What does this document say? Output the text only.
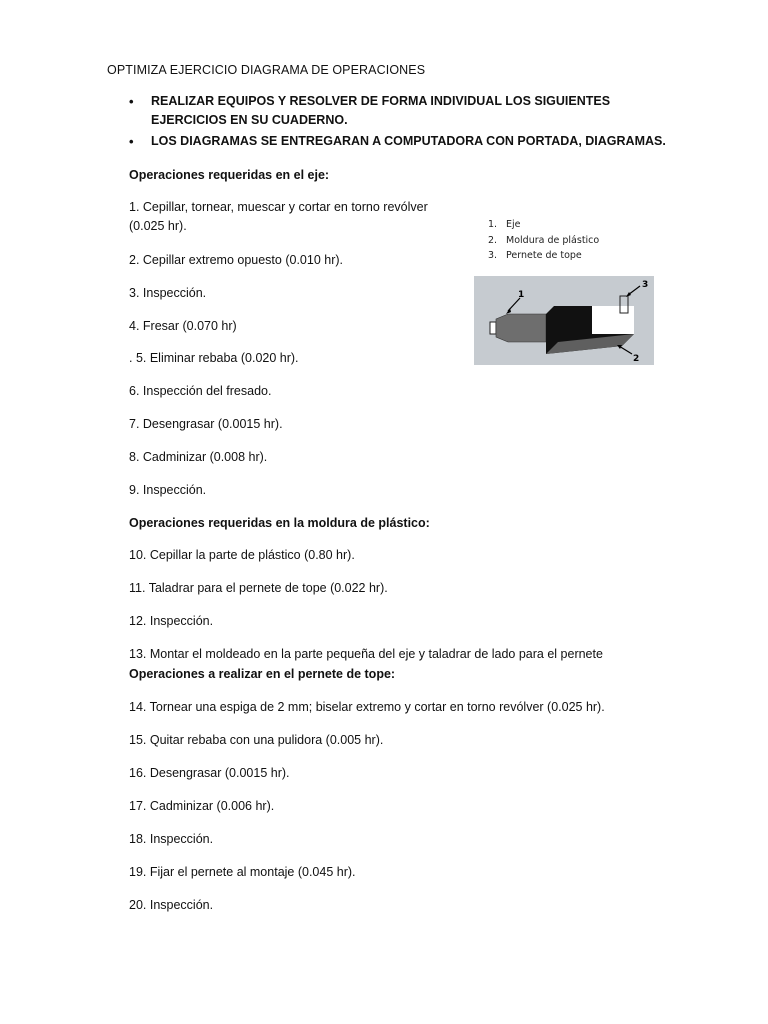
OPTIMIZA EJERCICIO DIAGRAMA DE OPERACIONES
• REALIZAR EQUIPOS Y RESOLVER DE FORMA INDIVIDUAL LOS SIGUIENTES EJERCICIOS EN SU CUADERNO.
• LOS DIAGRAMAS SE ENTREGARAN A COMPUTADORA CON PORTADA, DIAGRAMAS.
Operaciones requeridas en el eje:
1. Cepillar, tornear, muescar y cortar en torno revólver
(0.025 hr).
2. Cepillar extremo opuesto (0.010 hr).
3. Inspección.
4. Fresar (0.070 hr)
. 5. Eliminar rebaba (0.020 hr).
6. Inspección del fresado.
7. Desengrasar (0.0015 hr).
8. Cadminizar (0.008 hr).
9. Inspección.
Operaciones requeridas en la moldura de plástico:
10. Cepillar la parte de plástico (0.80 hr).
11. Taladrar para el pernete de tope (0.022 hr).
12. Inspección.
13. Montar el moldeado en la parte pequeña del eje y taladrar de lado para el pernete
Operaciones a realizar en el pernete de tope:
14. Tornear una espiga de 2 mm; biselar extremo y cortar en torno revólver (0.025 hr).
15. Quitar rebaba con una pulidora (0.005 hr).
16. Desengrasar (0.0015 hr).
17. Cadminizar (0.006 hr).
18. Inspección.
19. Fijar el pernete al montaje (0.045 hr).
20. Inspección.
1. Eje
2. Moldura de plástico
3. Pernete de tope
1
3
2
